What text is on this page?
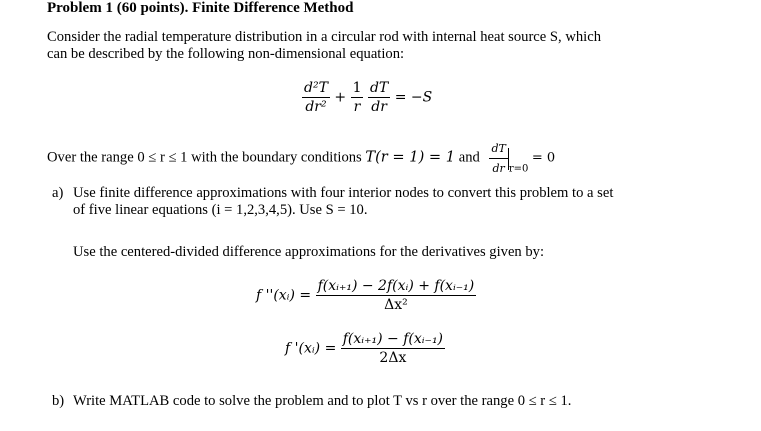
Problem 1 (60 points). Finite Difference Method
Consider the radial temperature distribution in a circular rod with internal heat source S, which
can be described by the following non-dimensional equation:
$\frac{\text{d²T}}{\text{dr²}} + \frac{1}{r}$
$\frac{dT}{dr} = -S$
Over the range 0 ≤ r ≤ 1 with the boundary conditions T(r = 1) = 1 and $\frac{dT}{dr} r=0 = 0$
a) Use finite difference approximations with four interior nodes to convert this problem to a set
of five linear equations (i = 1,2,3,4,5). Use S = 10.
Use the centered-divided difference approximations for the derivatives given by:
f ''(xᵢ) = $\frac{\text{f(xᵢ₊₁) − 2f(xᵢ) + f(xᵢ₋₁)}}{\text{Δx²}}$
f '(xᵢ) = $\frac{\text{f(xᵢ₊₁) − f(xᵢ₋₁)}}{2\Delta x}$
b) Write MATLAB code to solve the problem and to plot T vs r over the range 0 ≤ r ≤ 1.
